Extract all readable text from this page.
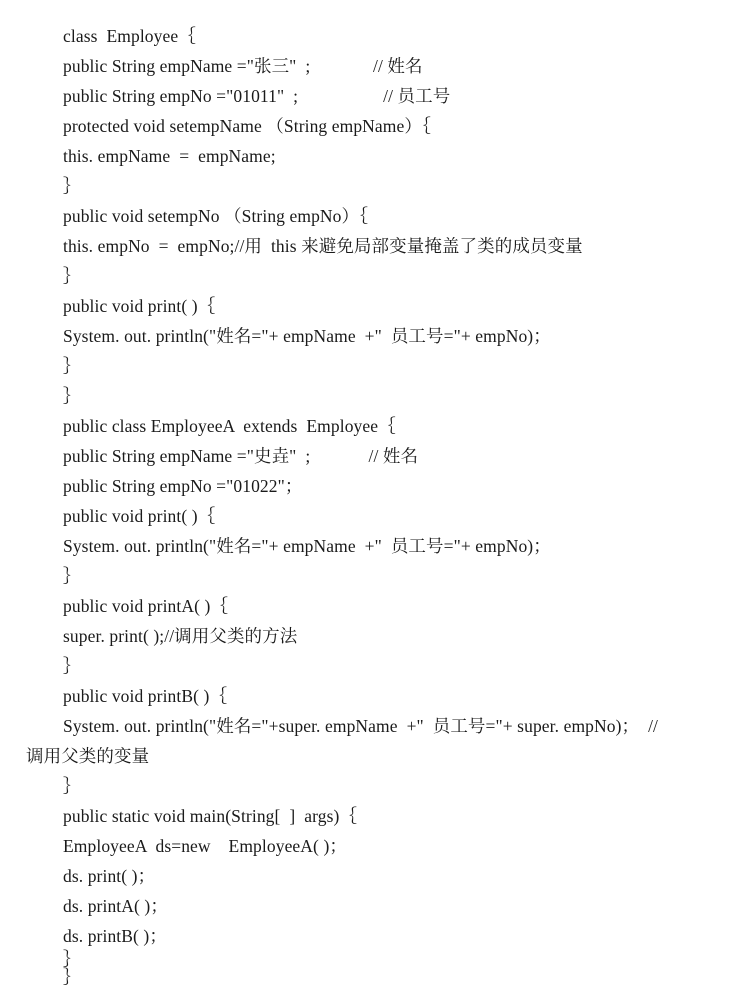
class  Employee｛
public String empName ="张三"  ;              // 姓名
public String empNo ="01011"  ;                   // 员工号
protected void setempName （String empName）｛
this. empName  =  empName;
｝
public void setempNo （String empNo）｛
this. empNo  =  empNo;//用  this 来避免局部变量掩盖了类的成员变量
｝
public void print( )｛
System. out. println("姓名="+ empName  +"  员工号="+ empNo)；
｝
｝
public class EmployeeA  extends  Employee｛
public String empName ="史垚"  ;             // 姓名
public String empNo ="01022"；
public void print( )｛
System. out. println("姓名="+ empName  +"  员工号="+ empNo)；
｝
public void printA( )｛
super. print( );//调用父类的方法
｝
public void printB( )｛
System. out. println("姓名="+super. empName  +"  员工号="+ super. empNo)；  //
调用父类的变量
｝
public static void main(String[  ]  args)｛
EmployeeA  ds=new    EmployeeA( )；
ds. print( )；
ds. printA( )；
ds. printB( )；
｝
｝
